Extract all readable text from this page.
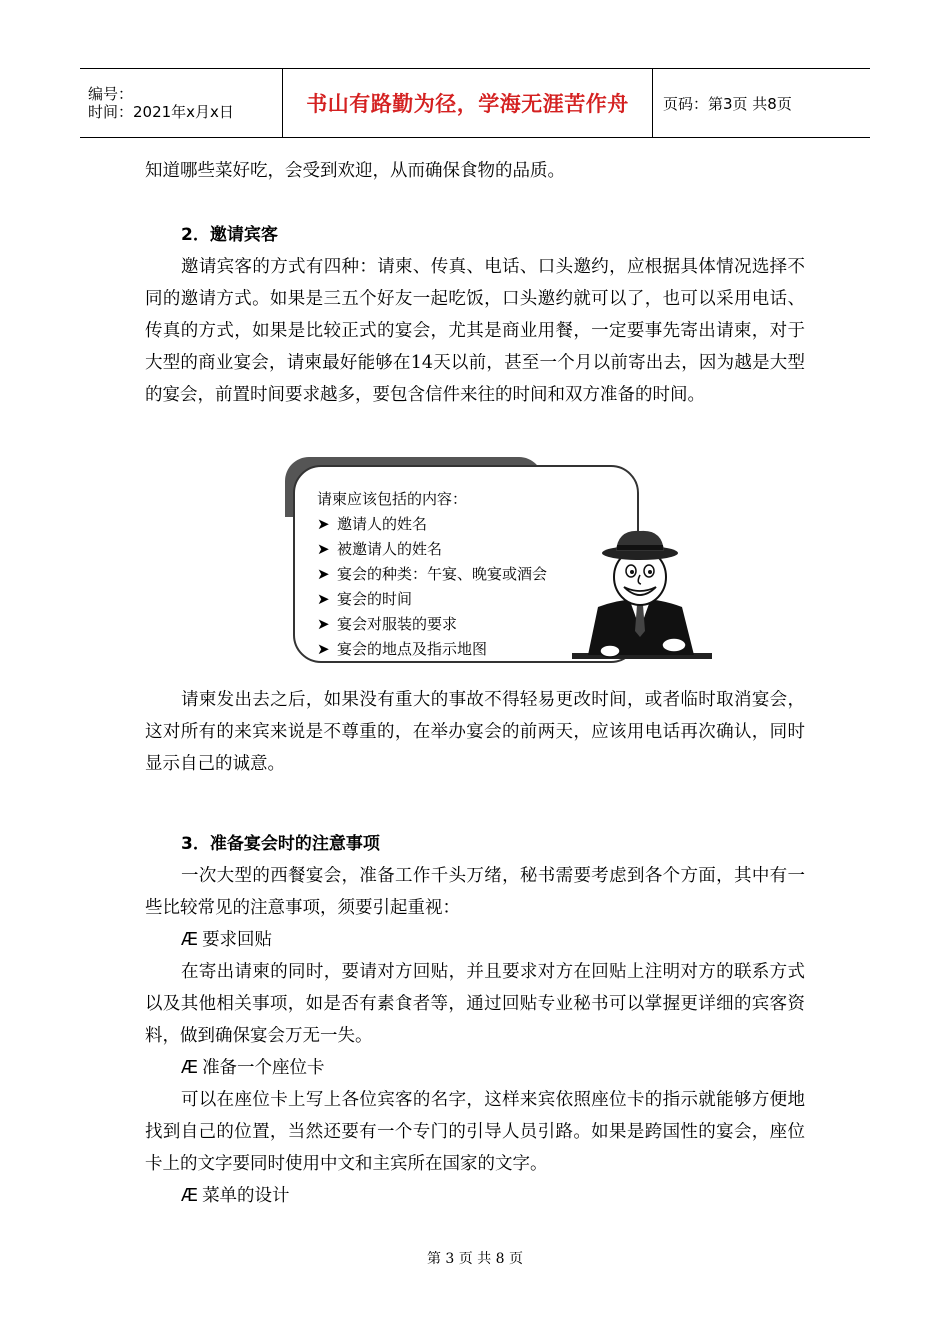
编号：
时间：2021年x月x日	书山有路勤为径，学海无涯苦作舟 页码：第3页 共8页

知道哪些菜好吃，会受到欢迎，从而确保食物的品质。

2．邀请宾客

邀请宾客的方式有四种：请柬、传真、电话、口头邀约，应根据具体情况选择不同的邀请方式。如果是三五个好友一起吃饭，口头邀约就可以了，也可以采用电话、传真的方式，如果是比较正式的宴会，尤其是商业用餐，一定要事先寄出请柬，对于大型的商业宴会，请柬最好能够在14天以前，甚至一个月以前寄出去，因为越是大型的宴会，前置时间要求越多，要包含信件来往的时间和双方准备的时间。

请柬应该包括的内容：
➤ 邀请人的姓名
➤ 被邀请人的姓名
➤ 宴会的种类：午宴、晚宴或酒会
➤ 宴会的时间
➤ 宴会对服装的要求
➤ 宴会的地点及指示地图

请柬发出去之后，如果没有重大的事故不得轻易更改时间，或者临时取消宴会，这对所有的来宾来说是不尊重的，在举办宴会的前两天，应该用电话再次确认，同时显示自己的诚意。

3．准备宴会时的注意事项

一次大型的西餐宴会，准备工作千头万绪，秘书需要考虑到各个方面，其中有一些比较常见的注意事项，须要引起重视：

Æ 要求回贴

在寄出请柬的同时，要请对方回贴，并且要求对方在回贴上注明对方的联系方式以及其他相关事项，如是否有素食者等，通过回贴专业秘书可以掌握更详细的宾客资料，做到确保宴会万无一失。

Æ 准备一个座位卡

可以在座位卡上写上各位宾客的名字，这样来宾依照座位卡的指示就能够方便地找到自己的位置，当然还要有一个专门的引导人员引路。如果是跨国性的宴会，座位卡上的文字要同时使用中文和主宾所在国家的文字。

Æ 菜单的设计
第 3 页 共 8 页
